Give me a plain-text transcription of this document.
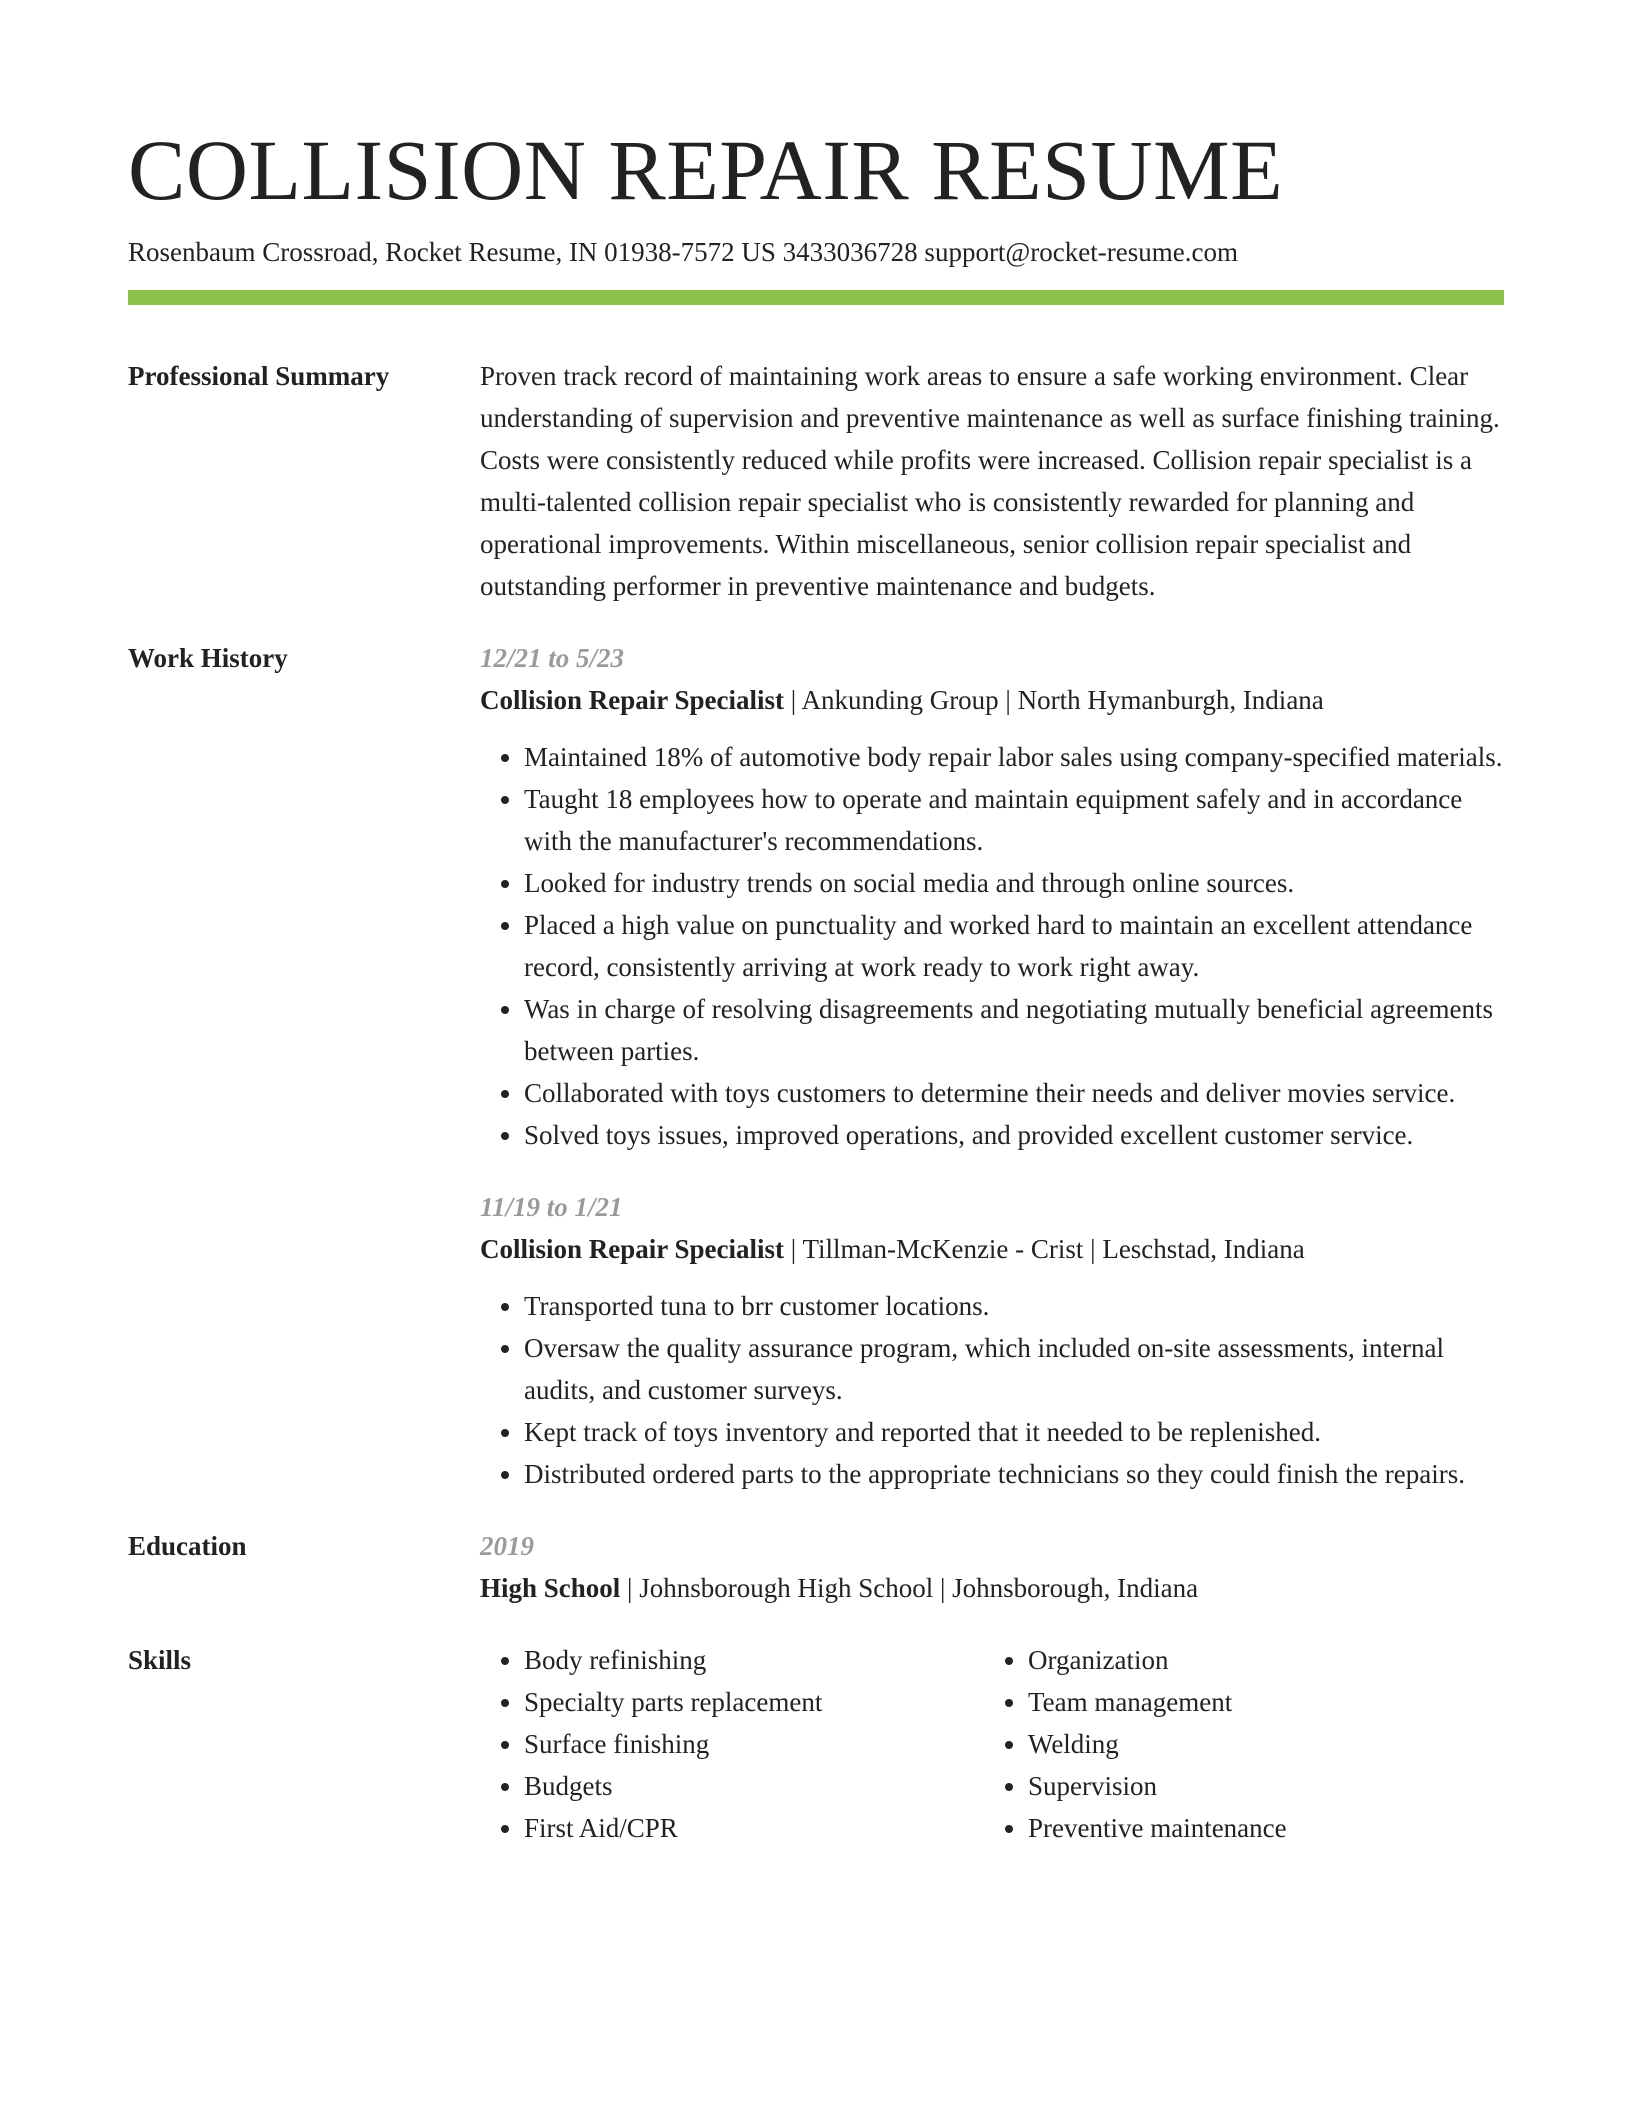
COLLISION REPAIR RESUME
Rosenbaum Crossroad, Rocket Resume, IN 01938-7572 US 3433036728 support@rocket-resume.com
Professional Summary	Proven track record of maintaining work areas to ensure a safe working environment. Clear understanding of supervision and preventive maintenance as well as surface finishing training. Costs were consistently reduced while profits were increased. Collision repair specialist is a multi-talented collision repair specialist who is consistently rewarded for planning and operational improvements. Within miscellaneous, senior collision repair specialist and outstanding performer in preventive maintenance and budgets.
Work History	12/21 to 5/23
Collision Repair Specialist | Ankunding Group | North Hymanburgh, Indiana
• Maintained 18% of automotive body repair labor sales using company-specified materials.
• Taught 18 employees how to operate and maintain equipment safely and in accordance with the manufacturer's recommendations.
• Looked for industry trends on social media and through online sources.
• Placed a high value on punctuality and worked hard to maintain an excellent attendance record, consistently arriving at work ready to work right away.
• Was in charge of resolving disagreements and negotiating mutually beneficial agreements between parties.
• Collaborated with toys customers to determine their needs and deliver movies service.
• Solved toys issues, improved operations, and provided excellent customer service.
11/19 to 1/21
Collision Repair Specialist | Tillman-McKenzie - Crist | Leschstad, Indiana
• Transported tuna to brr customer locations.
• Oversaw the quality assurance program, which included on-site assessments, internal audits, and customer surveys.
• Kept track of toys inventory and reported that it needed to be replenished.
• Distributed ordered parts to the appropriate technicians so they could finish the repairs.
Education	2019
High School | Johnsborough High School | Johnsborough, Indiana
Skills
•	Body refinishing
• Specialty parts replacement
• Surface finishing
• Budgets
• First Aid/CPR
• Organization
• Team management
• Welding
• Supervision
• Preventive maintenance
